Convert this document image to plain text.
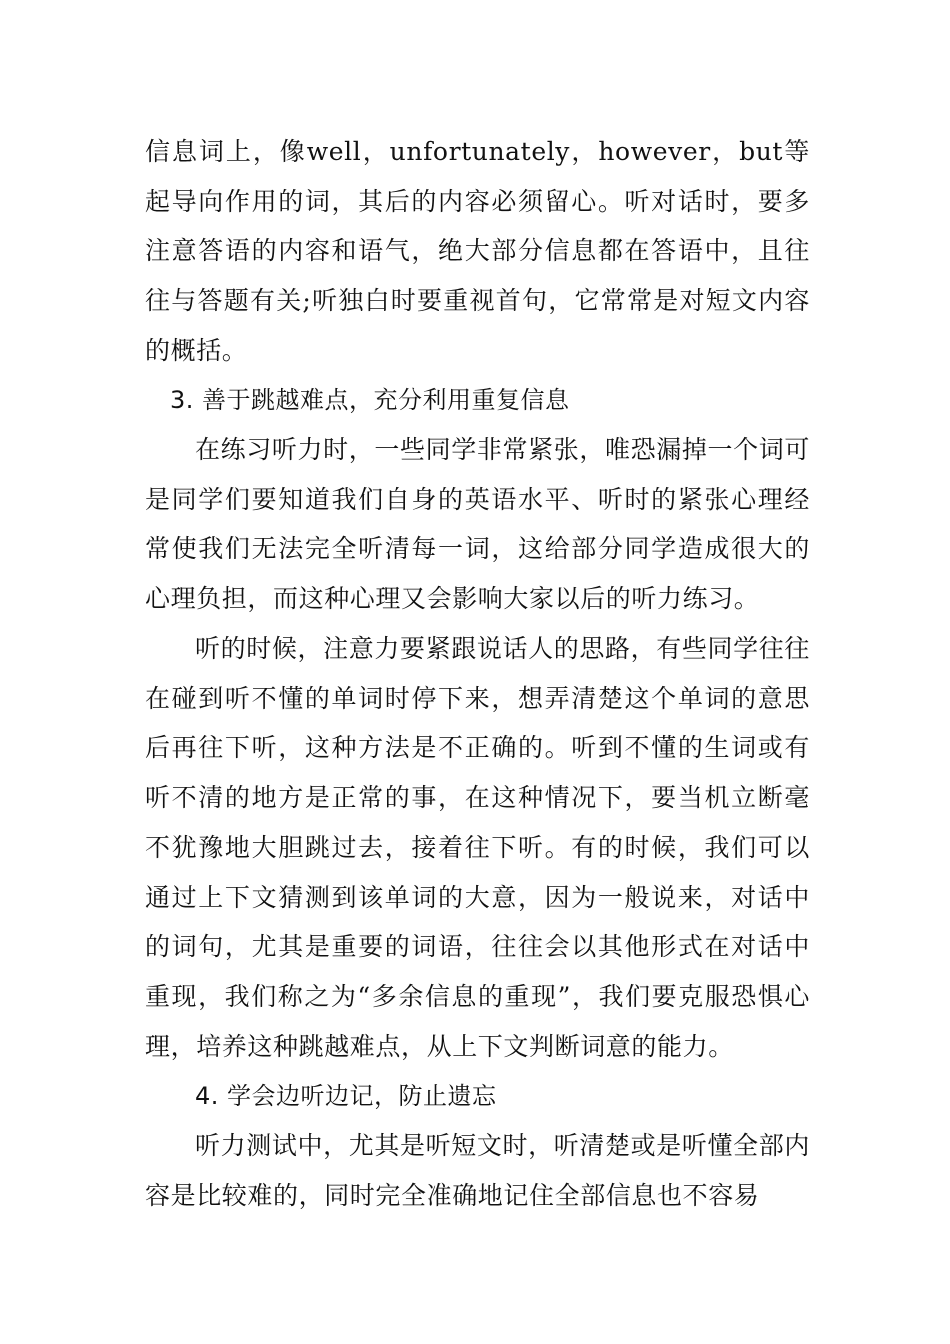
信息词上，像well，unfortunately，however，but等起导向作用的词，其后的内容必须留心。听对话时，要多注意答语的内容和语气，绝大部分信息都在答语中，且往往与答题有关;听独白时要重视首句，它常常是对短文内容的概括。
3. 善于跳越难点，充分利用重复信息
在练习听力时，一些同学非常紧张，唯恐漏掉一个词可是同学们要知道我们自身的英语水平、听时的紧张心理经常使我们无法完全听清每一词，这给部分同学造成很大的心理负担，而这种心理又会影响大家以后的听力练习。
听的时候，注意力要紧跟说话人的思路，有些同学往往在碰到听不懂的单词时停下来，想弄清楚这个单词的意思后再往下听，这种方法是不正确的。听到不懂的生词或有听不清的地方是正常的事，在这种情况下，要当机立断毫不犹豫地大胆跳过去，接着往下听。有的时候，我们可以通过上下文猜测到该单词的大意，因为一般说来，对话中的词句，尤其是重要的词语，往往会以其他形式在对话中重现，我们称之为“多余信息的重现”，我们要克服恐惧心理，培养这种跳越难点，从上下文判断词意的能力。
4. 学会边听边记，防止遗忘
听力测试中，尤其是听短文时，听清楚或是听懂全部内容是比较难的，同时完全准确地记住全部信息也不容易
